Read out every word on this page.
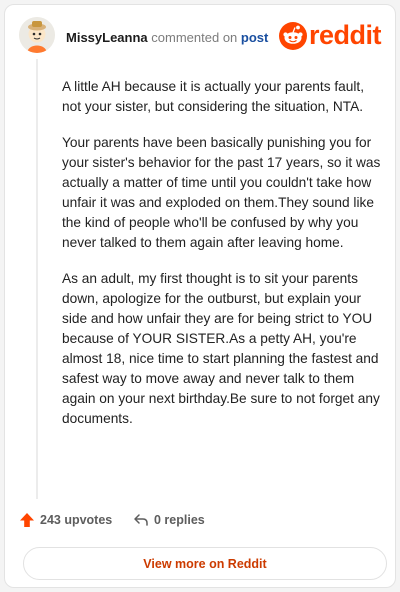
MissyLeanna commented on post reddit

A little AH because it is actually your parents fault, not your sister, but considering the situation, NTA.

Your parents have been basically punishing you for your sister's behavior for the past 17 years, so it was actually a matter of time until you couldn't take how unfair it was and exploded on them.They sound like the kind of people who'll be confused by why you never talked to them again after leaving home.

As an adult, my first thought is to sit your parents down, apologize for the outburst, but explain your side and how unfair they are for being strict to YOU because of YOUR SISTER.As a petty AH, you're almost 18, nice time to start planning the fastest and safest way to move away and never talk to them again on your next birthday.Be sure to not forget any documents.

243 upvotes	0 replies
View more on Reddit
